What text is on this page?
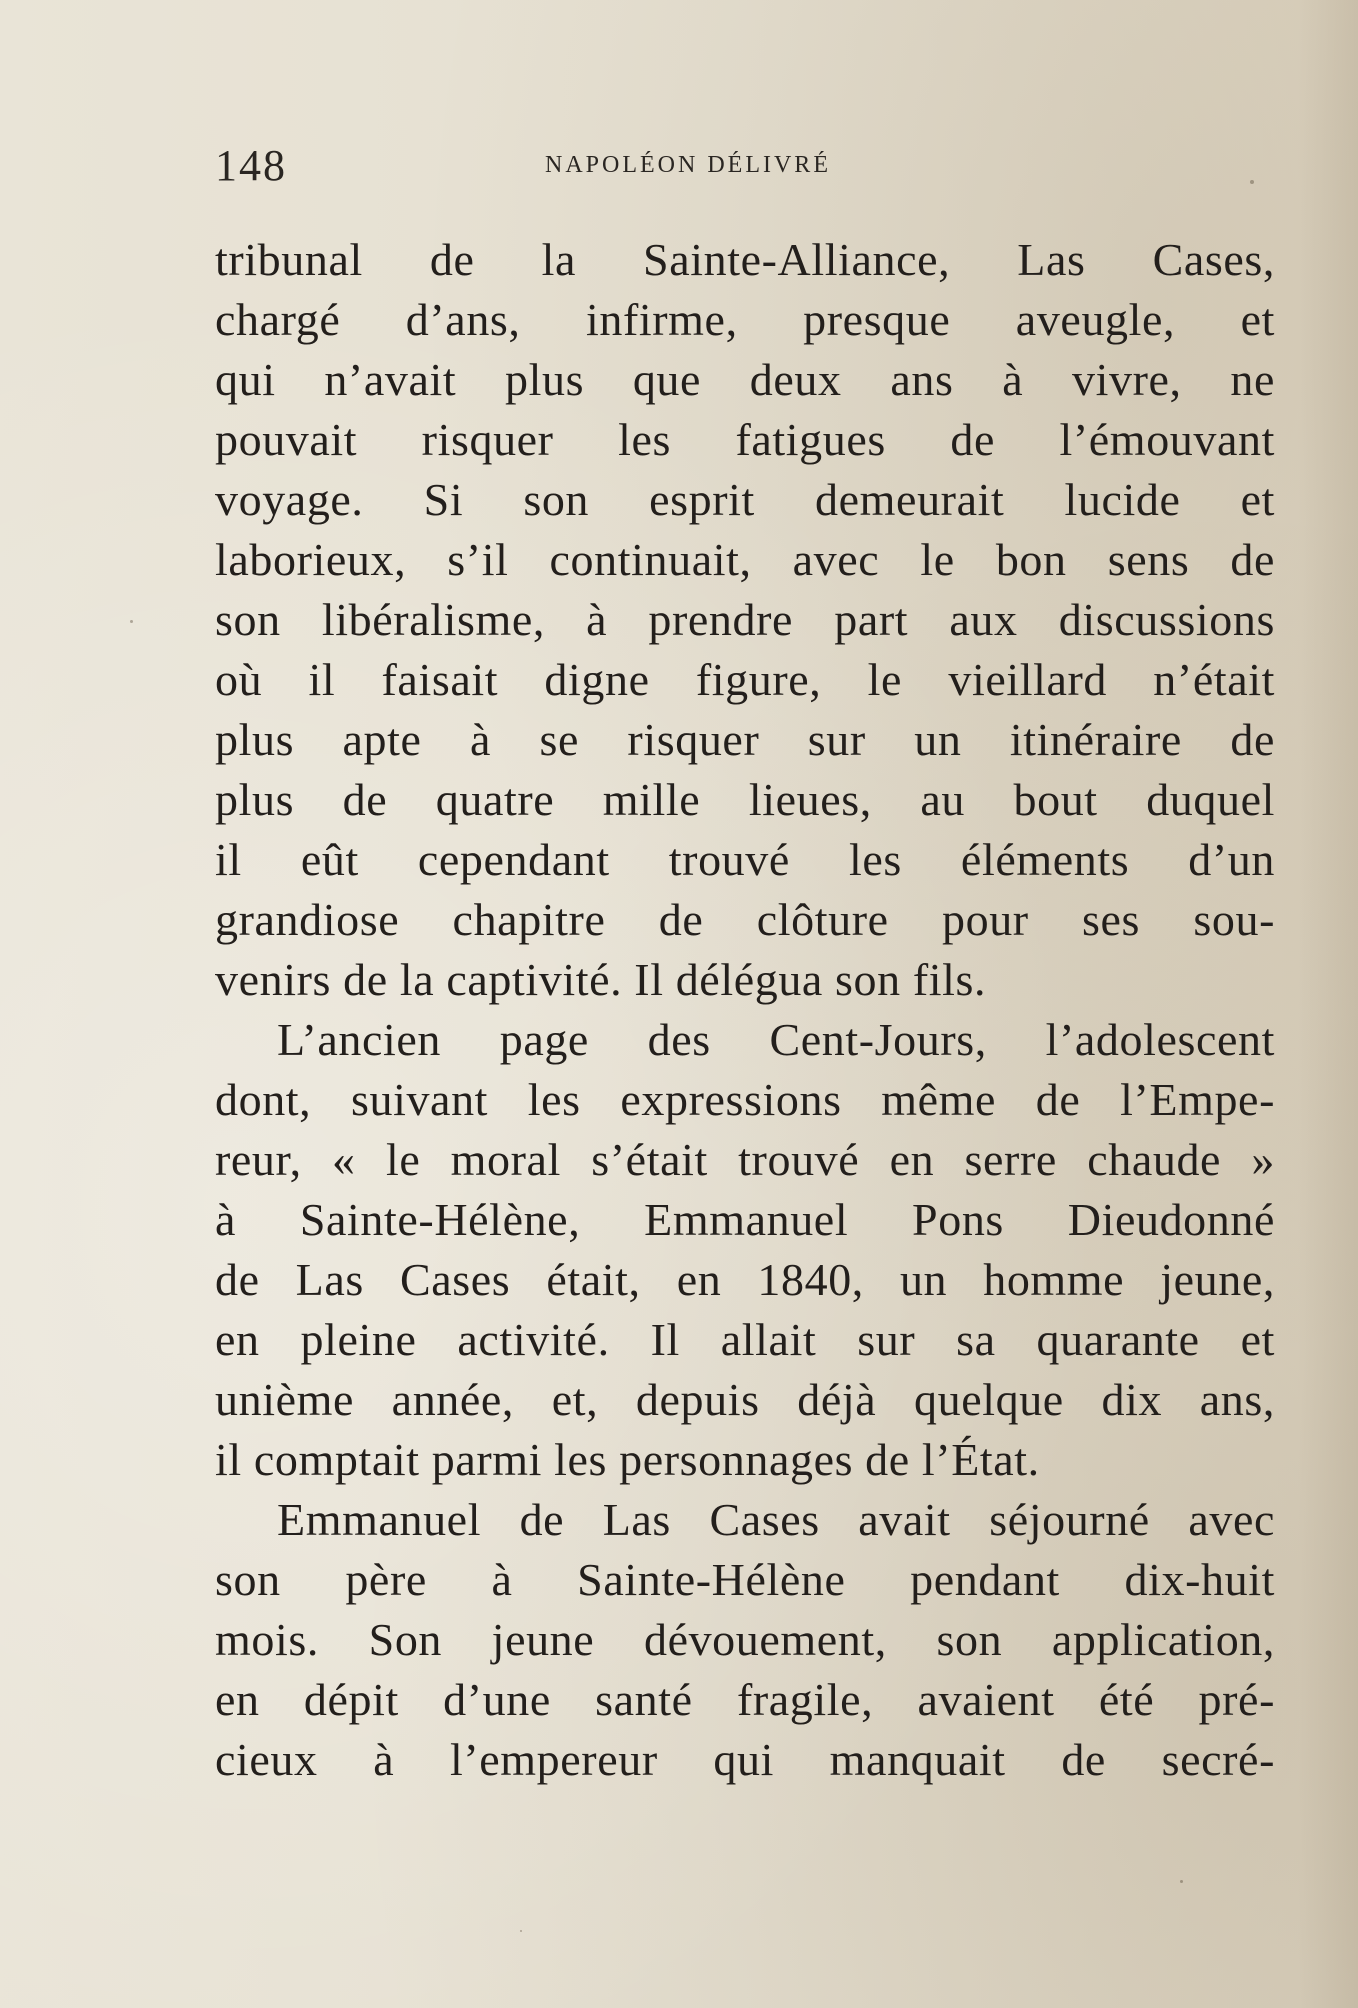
148	NAPOLÉON DÉLIVRÉ
tribunal de la Sainte-Alliance, Las Cases,
chargé d’ans, infirme, presque aveugle, et
qui n’avait plus que deux ans à vivre, ne
pouvait risquer les fatigues de l’émouvant
voyage. Si son esprit demeurait lucide et
laborieux, s’il continuait, avec le bon sens de
son libéralisme, à prendre part aux discussions
où il faisait digne figure, le vieillard n’était
plus apte à se risquer sur un itinéraire de
plus de quatre mille lieues, au bout duquel
il eût cependant trouvé les éléments d’un
grandiose chapitre de clôture pour ses sou-
venirs de la captivité. Il délégua son fils.
L’ancien page des Cent-Jours, l’adolescent
dont, suivant les expressions même de l’Empe-
reur, « le moral s’était trouvé en serre chaude »
à Sainte-Hélène, Emmanuel Pons Dieudonné
de Las Cases était, en 1840, un homme jeune,
en pleine activité. Il allait sur sa quarante et
unième année, et, depuis déjà quelque dix ans,
il comptait parmi les personnages de l’État.
Emmanuel de Las Cases avait séjourné avec
son père à Sainte-Hélène pendant dix-huit
mois. Son jeune dévouement, son application,
en dépit d’une santé fragile, avaient été pré-
cieux à l’empereur qui manquait de secré-
